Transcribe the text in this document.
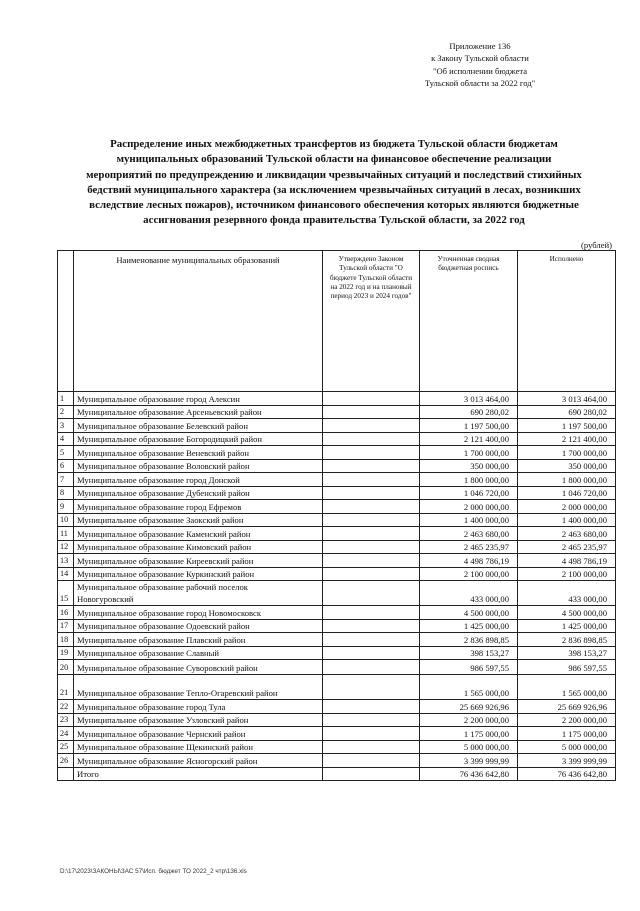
Приложение 136
к Закону Тульской области
"Об исполнении бюджета
Тульской области за 2022 год"
Распределение иных межбюджетных трансфертов из бюджета Тульской области бюджетам
муниципальных образований Тульской области на финансовое обеспечение реализации
мероприятий по предупреждению и ликвидации чрезвычайных ситуаций и последствий стихийных
бедствий муниципального характера (за исключением чрезвычайных ситуаций в лесах, возникших
вследствие лесных пожаров), источником финансового обеспечения которых являются бюджетные
ассигнования резервного фонда правительства Тульской области, за 2022 год
(рублей)
	Наименование муниципальных образований	Утверждено Законом Тульской области "О бюджете Тульской области на 2022 год и на плановый период 2023 и 2024 годов"	Уточненная сводная бюджетная роспись	Исполнено
1	Муниципальное образование город Алексин		3 013 464,00	3 013 464,00
2	Муниципальное образование Арсеньевский район		690 280,02	690 280,02
3	Муниципальное образование Белевский район		1 197 500,00	1 197 500,00
4	Муниципальное образование Богородицкий район		2 121 400,00	2 121 400,00
5	Муниципальное образование Веневский район		1 700 000,00	1 700 000,00
6	Муниципальное образование Воловский район		350 000,00	350 000,00
7	Муниципальное образование город Донской		1 800 000,00	1 800 000,00
8	Муниципальное образование Дубенский район		1 046 720,00	1 046 720,00
9	Муниципальное образование город Ефремов		2 000 000,00	2 000 000,00
10	Муниципальное образование Заокский район		1 400 000,00	1 400 000,00
11	Муниципальное образование Каменский район		2 463 680,00	2 463 680,00
12	Муниципальное образование Кимовский район		2 465 235,97	2 465 235,97
13	Муниципальное образование Киреевский район		4 498 786,19	4 498 786,19
14	Муниципальное образование Куркинский район		2 100 000,00	2 100 000,00
15	Муниципальное образование рабочий поселок
Новогуровский		433 000,00	433 000,00
16	Муниципальное образование город Новомосковск		4 500 000,00	4 500 000,00
17	Муниципальное образование Одоевский район		1 425 000,00	1 425 000,00
18	Муниципальное образование Плавский район		2 836 898,85	2 836 898,85
19	Муниципальное образование Славный		398 153,27	398 153,27
20	Муниципальное образование Суворовский район		986 597,55	986 597,55
21	Муниципальное образование Тепло-Огаревский район		1 565 000,00	1 565 000,00
22	Муниципальное образование город Тула		25 669 926,96	25 669 926,96
23	Муниципальное образование Узловский район		2 200 000,00	2 200 000,00
24	Муниципальное образование Чернский район		1 175 000,00	1 175 000,00
25	Муниципальное образование Щекинский район		5 000 000,00	5 000 000,00
26	Муниципальное образование Ясногорский район		3 399 999,99	3 399 999,99
	Итого		76 436 642,80	76 436 642,80
D:\17\2023\ЗАКОНЫ\ЗАС 57\Исп. бюджет ТО 2022_2 чтр\136.xls
